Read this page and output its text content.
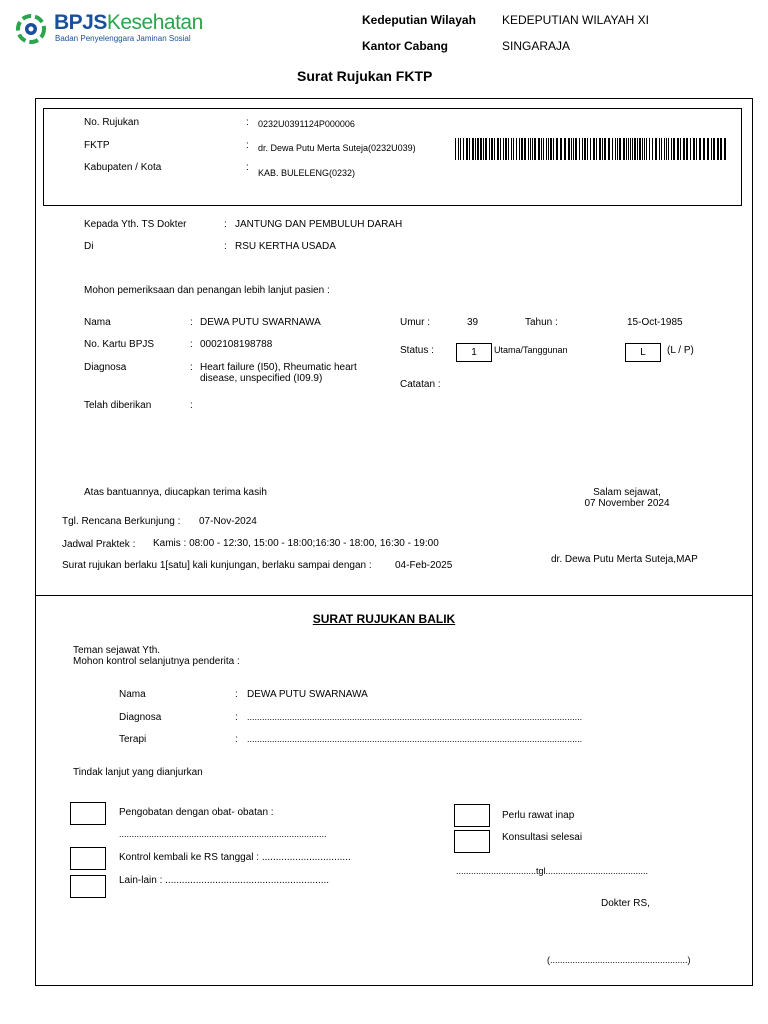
BPJSKesehatan
Badan Penyelenggara Jaminan Sosial
Kedeputian Wilayah KEDEPUTIAN WILAYAH XI
Kantor Cabang	SINGARAJA
Surat Rujukan FKTP
No. Rujukan	: 0232U0391124P000006
FKTP	: dr. Dewa Putu Merta Suteja(0232U039)
Kabupaten / Kota	: KAB. BULELENG(0232)
Kepada Yth. TS Dokter	: JANTUNG DAN PEMBULUH DARAH
Di	: RSU KERTHA USADA
Mohon pemeriksaan dan penangan lebih lanjut pasien :
Nama	: DEWA PUTU SWARNAWA
No. Kartu BPJS	: 0002108198788
Diagnosa	: Heart failure (I50), Rheumatic heart
disease, unspecified (I09.9)
Telah diberikan	:
Umur :	39	Tahun :	15-Oct-1985
Status :	1	Utama/Tanggunan	L	(L / P)
Catatan :
Atas bantuannya, diucapkan terima kasih	Salam sejawat,
07 November 2024
Tgl. Rencana Berkunjung : 07-Nov-2024
Jadwal Praktek : Kamis : 08:00 - 12:30, 15:00 - 18:00;16:30 - 18:00, 16:30 - 19:00
Surat rujukan berlaku 1[satu] kali kunjungan, berlaku sampai dengan : 04-Feb-2025
dr. Dewa Putu Merta Suteja,MAP
SURAT RUJUKAN BALIK
Teman sejawat Yth.
Mohon kontrol selanjutnya penderita :
Nama	: DEWA PUTU SWARNAWA
Diagnosa	: ......................................................................................................................................
Terapi	: ......................................................................................................................................
Tindak lanjut yang dianjurkan
Pengobatan dengan obat- obatan :
...................................................................................
Kontrol kembali ke RS tanggal : ................................
Lain-lain : ...........................................................
Perlu rawat inap
Konsultasi selesai
................................tgl.........................................
Dokter RS,
(.......................................................)
